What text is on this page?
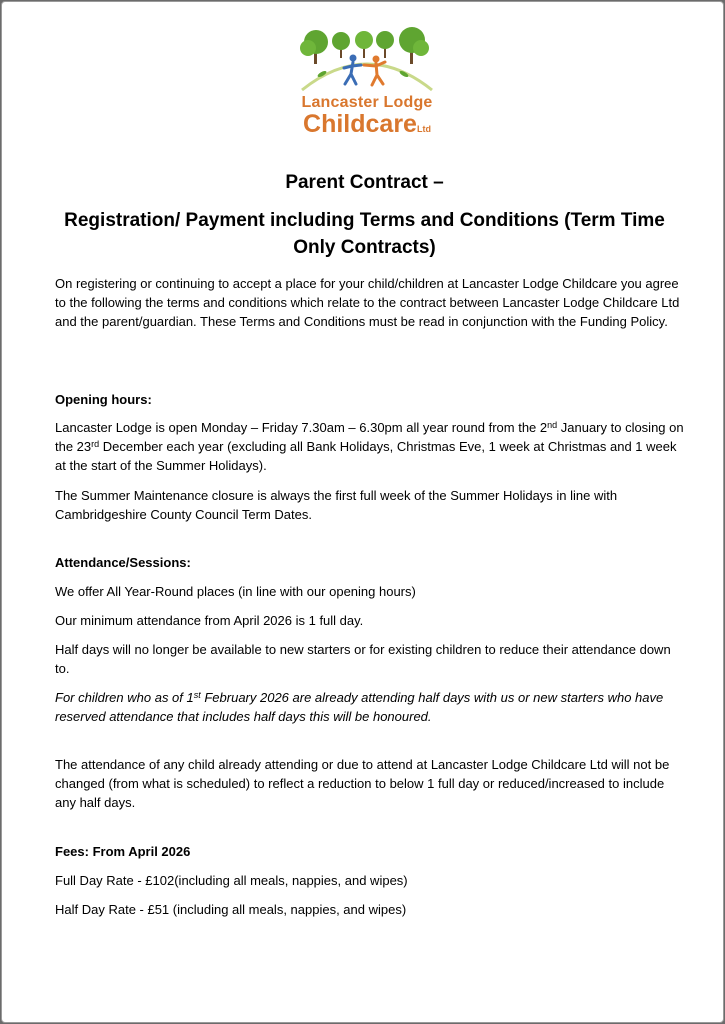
Lancaster Lodge
ChildcareLtd
Parent Contract –
Registration/ Payment including Terms and Conditions (Term Time Only Contracts)
On registering or continuing to accept a place for your child/children at Lancaster Lodge Childcare you agree to the following the terms and conditions which relate to the contract between Lancaster Lodge Childcare Ltd and the parent/guardian. These Terms and Conditions must be read in conjunction with the Funding Policy.
Opening hours:
Lancaster Lodge is open Monday – Friday 7.30am – 6.30pm all year round from the 2nd January to closing on the 23rd December each year (excluding all Bank Holidays, Christmas Eve, 1 week at Christmas and 1 week at the start of the Summer Holidays).
The Summer Maintenance closure is always the first full week of the Summer Holidays in line with Cambridgeshire County Council Term Dates.
Attendance/Sessions:
We offer All Year-Round places (in line with our opening hours)
Our minimum attendance from April 2026 is 1 full day.
Half days will no longer be available to new starters or for existing children to reduce their attendance down to.
For children who as of 1st February 2026 are already attending half days with us or new starters who have reserved attendance that includes half days this will be honoured.
The attendance of any child already attending or due to attend at Lancaster Lodge Childcare Ltd will not be changed (from what is scheduled) to reflect a reduction to below 1 full day or reduced/increased to include any half days.
Fees: From April 2026
Full Day Rate - £102(including all meals, nappies, and wipes)
Half Day Rate - £51 (including all meals, nappies, and wipes)
